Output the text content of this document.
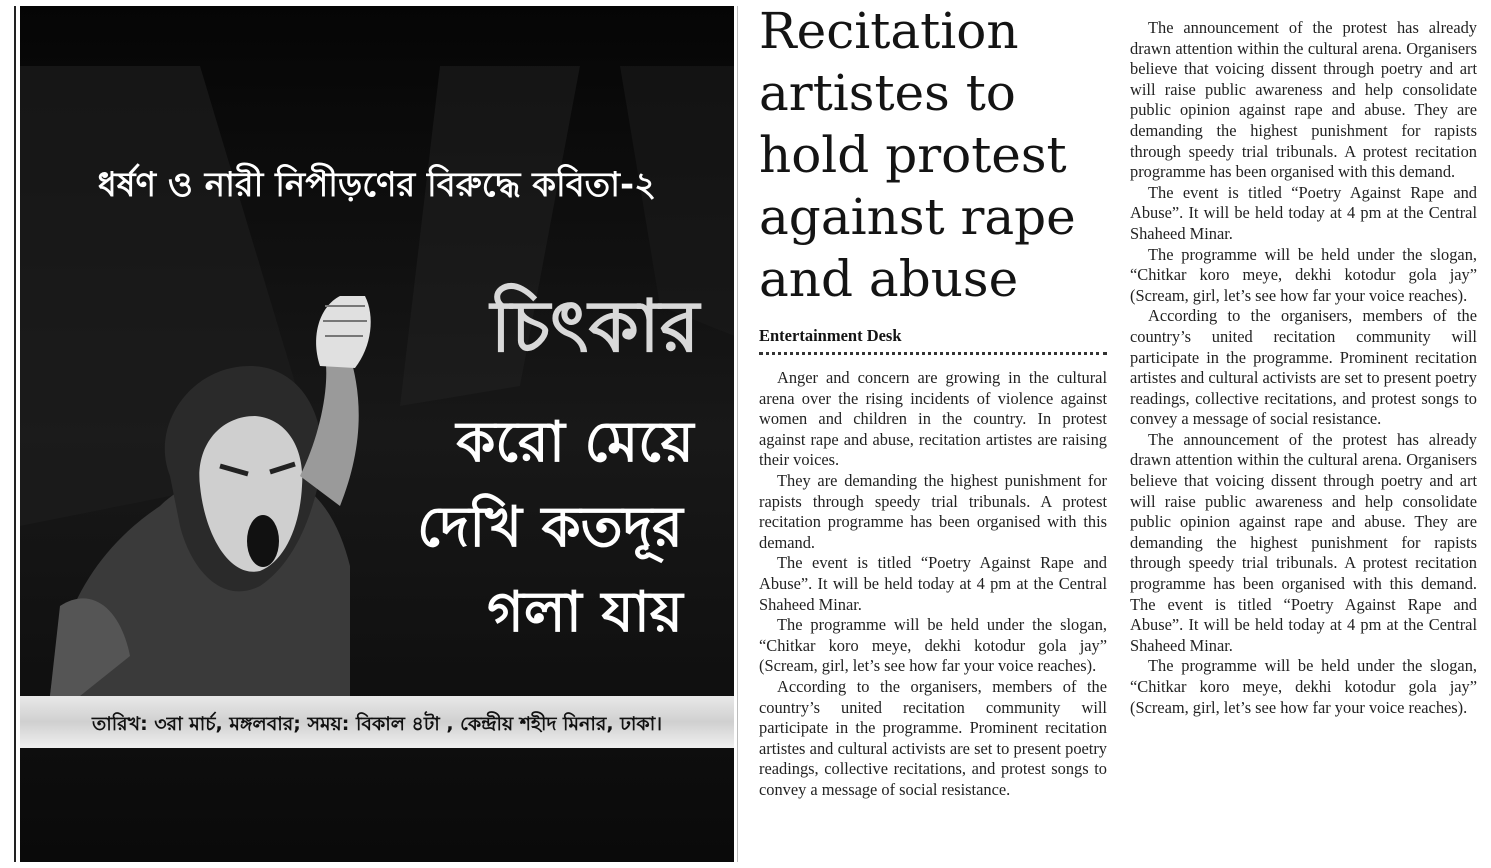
ধর্ষণ ও নারী নিপীড়ণের বিরুদ্ধে কবিতা-২
চিৎকার
করো মেয়ে
দেখি কতদূর
গলা যায়
তারিখ: ৩রা মার্চ, মঙ্গলবার; সময়: বিকাল ৪টা , কেন্দ্রীয় শহীদ মিনার, ঢাকা।
Recitation
artistes to
hold protest
against rape
and abuse
Entertainment Desk

Anger and concern are growing in the cultural arena over the rising incidents of violence against women and children in the country. In protest against rape and abuse, recitation artistes are raising their voices.

They are demanding the highest punishment for rapists through speedy trial tribunals. A protest recitation programme has been organised with this demand.

The event is titled “Poetry Against Rape and Abuse”. It will be held today at 4 pm at the Central Shaheed Minar.

The programme will be held under the slogan, “Chitkar koro meye, dekhi kotodur gola jay” (Scream, girl, let’s see how far your voice reaches).

According to the organisers, members of the country’s united recitation community will participate in the programme. Prominent recitation artistes and cultural activists are set to present poetry readings, collective recitations, and protest songs to convey a message of social resistance.

The announcement of the protest has already drawn attention within the cultural arena. Organisers believe that voicing dissent through poetry and art will raise public awareness and help consolidate public opinion against rape and abuse. They are demanding the highest punishment for rapists through speedy trial tribunals. A protest recitation programme has been organised with this demand.

The event is titled “Poetry Against Rape and Abuse”. It will be held today at 4 pm at the Central Shaheed Minar.

The programme will be held under the slogan, “Chitkar koro meye, dekhi kotodur gola jay” (Scream, girl, let’s see how far your voice reaches).

According to the organisers, members of the country’s united recitation community will participate in the programme. Prominent recitation artistes and cultural activists are set to present poetry readings, collective recitations, and protest songs to convey a message of social resistance.

The announcement of the protest has already drawn attention within the cultural arena. Organisers believe that voicing dissent through poetry and art will raise public awareness and help consolidate public opinion against rape and abuse. They are demanding the highest punishment for rapists through speedy trial tribunals. A protest recitation programme has been organised with this demand. The event is titled “Poetry Against Rape and Abuse”. It will be held today at 4 pm at the Central Shaheed Minar.

The programme will be held under the slogan, “Chitkar koro meye, dekhi kotodur gola jay” (Scream, girl, let’s see how far your voice reaches).
